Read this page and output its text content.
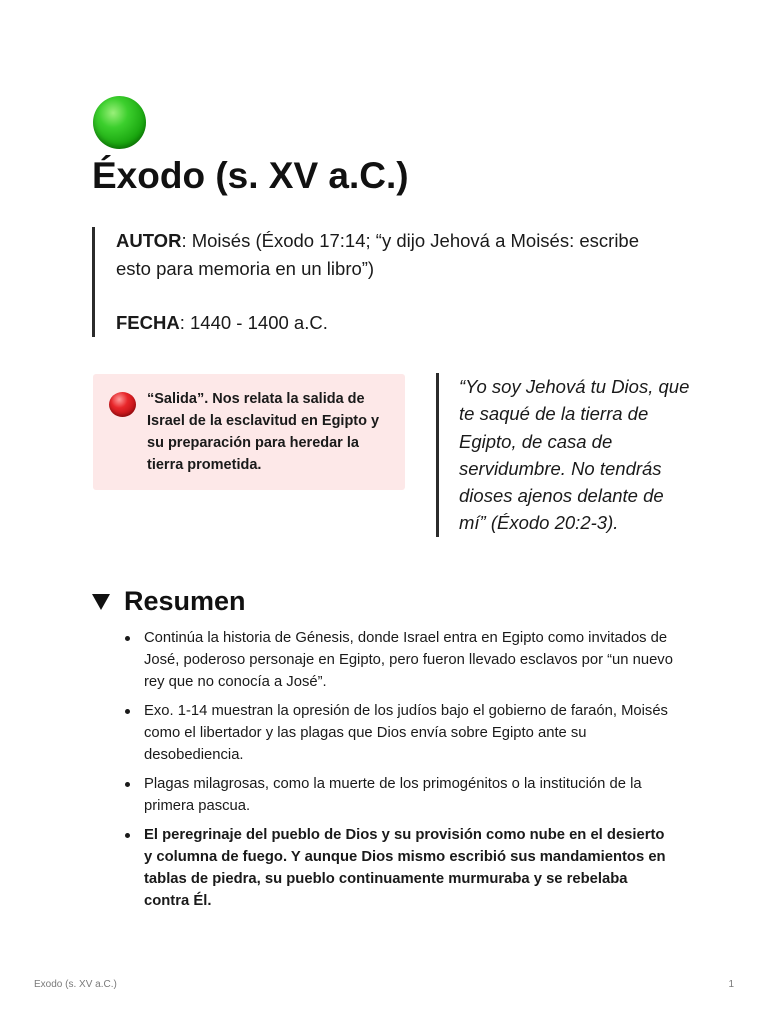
Éxodo (s. XV a.C.)

AUTOR: Moisés (Éxodo 17:14; “y dijo Jehová a Moisés: escribe esto para memoria en un libro”)

FECHA: 1440 - 1400 a.C.

“Salida”. Nos relata la salida de Israel de la esclavitud en Egipto y su preparación para heredar la tierra prometida.

“Yo soy Jehová tu Dios, que te saqué de la tierra de Egipto, de casa de servidumbre. No tendrás dioses ajenos delante de mí” (Éxodo 20:2-3).

Resumen
Continúa la historia de Génesis, donde Israel entra en Egipto como invitados de José, poderoso personaje en Egipto, pero fueron llevado esclavos por “un nuevo rey que no conocía a José”.
Exo. 1-14 muestran la opresión de los judíos bajo el gobierno de faraón, Moisés como el libertador y las plagas que Dios envía sobre Egipto ante su desobediencia.
Plagas milagrosas, como la muerte de los primogénitos o la institución de la primera pascua.
El peregrinaje del pueblo de Dios y su provisión como nube en el desierto y columna de fuego. Y aunque Dios mismo escribió sus mandamientos en tablas de piedra, su pueblo continuamente murmuraba y se rebelaba contra Él.
Exodo (s. XV a.C.)	1
